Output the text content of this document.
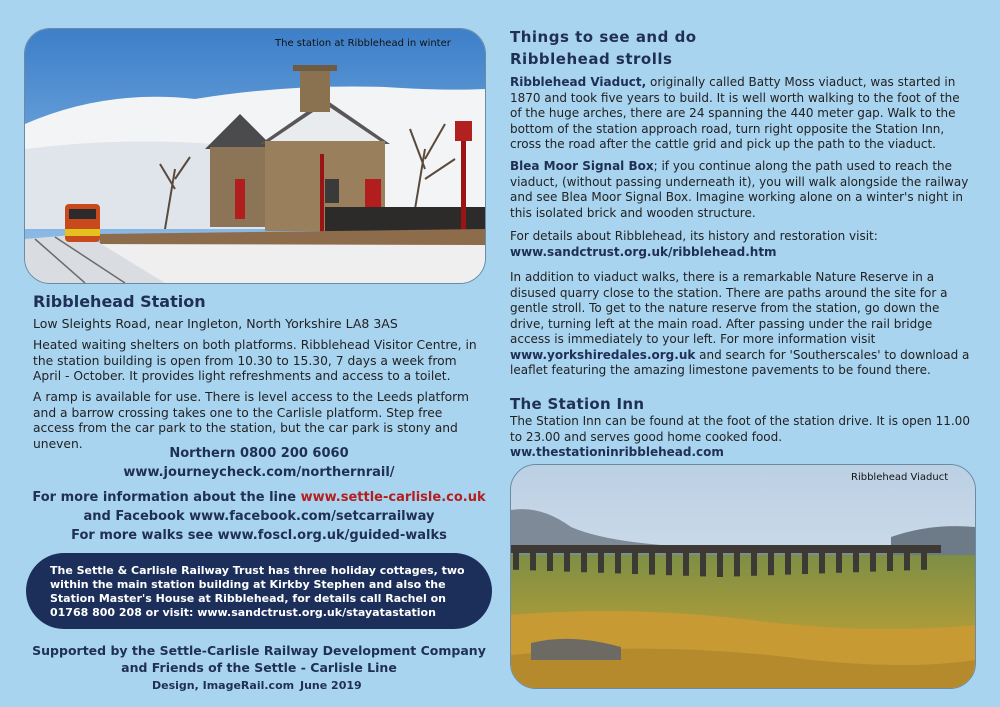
The station at Ribblehead in winter
Ribblehead Station
Low Sleights Road, near Ingleton, North Yorkshire LA8 3AS
Heated waiting shelters on both platforms. Ribblehead Visitor Centre, in the station building is open from 10.30 to 15.30, 7 days a week from April - October. It provides light refreshments and access to a toilet.
A ramp is available for use. There is level access to the Leeds platform and a barrow crossing takes one to the Carlisle platform. Step free access from the car park to the station, but the car park is stony and uneven.
Northern 0800 200 6060
www.journeycheck.com/northernrail/
For more information about the line www.settle-carlisle.co.uk
and Facebook www.facebook.com/setcarrailway
For more walks see www.foscl.org.uk/guided-walks
The Settle & Carlisle Railway Trust has three holiday cottages, two within the main station building at Kirkby Stephen and also the Station Master's House at Ribblehead, for details call Rachel on 01768 800 208 or visit: www.sandctrust.org.uk/stayatastation
Supported by the Settle-Carlisle Railway Development Company
and Friends of the Settle - Carlisle Line
Design, ImageRail.com June 2019
Things to see and do
Ribblehead strolls
Ribblehead Viaduct, originally called Batty Moss viaduct, was started in 1870 and took five years to build. It is well worth walking to the foot of the of the huge arches, there are 24 spanning the 440 meter gap. Walk to the bottom of the station approach road, turn right opposite the Station Inn, cross the road after the cattle grid and pick up the path to the viaduct.
Blea Moor Signal Box; if you continue along the path used to reach the viaduct, (without passing underneath it), you will walk alongside the railway and see Blea Moor Signal Box. Imagine working alone on a winter's night in this isolated brick and wooden structure.
For details about Ribblehead, its history and restoration visit:
www.sandctrust.org.uk/ribblehead.htm
In addition to viaduct walks, there is a remarkable Nature Reserve in a disused quarry close to the station. There are paths around the site for a gentle stroll. To get to the nature reserve from the station, go down the drive, turning left at the main road. After passing under the rail bridge access is immediately to your left. For more information visit www.yorkshiredales.org.uk and search for 'Southerscales' to download a leaflet featuring the amazing limestone pavements to be found there.
The Station Inn
The Station Inn can be found at the foot of the station drive. It is open 11.00 to 23.00 and serves good home cooked food. ww.thestationinribblehead.com
Ribblehead Viaduct
